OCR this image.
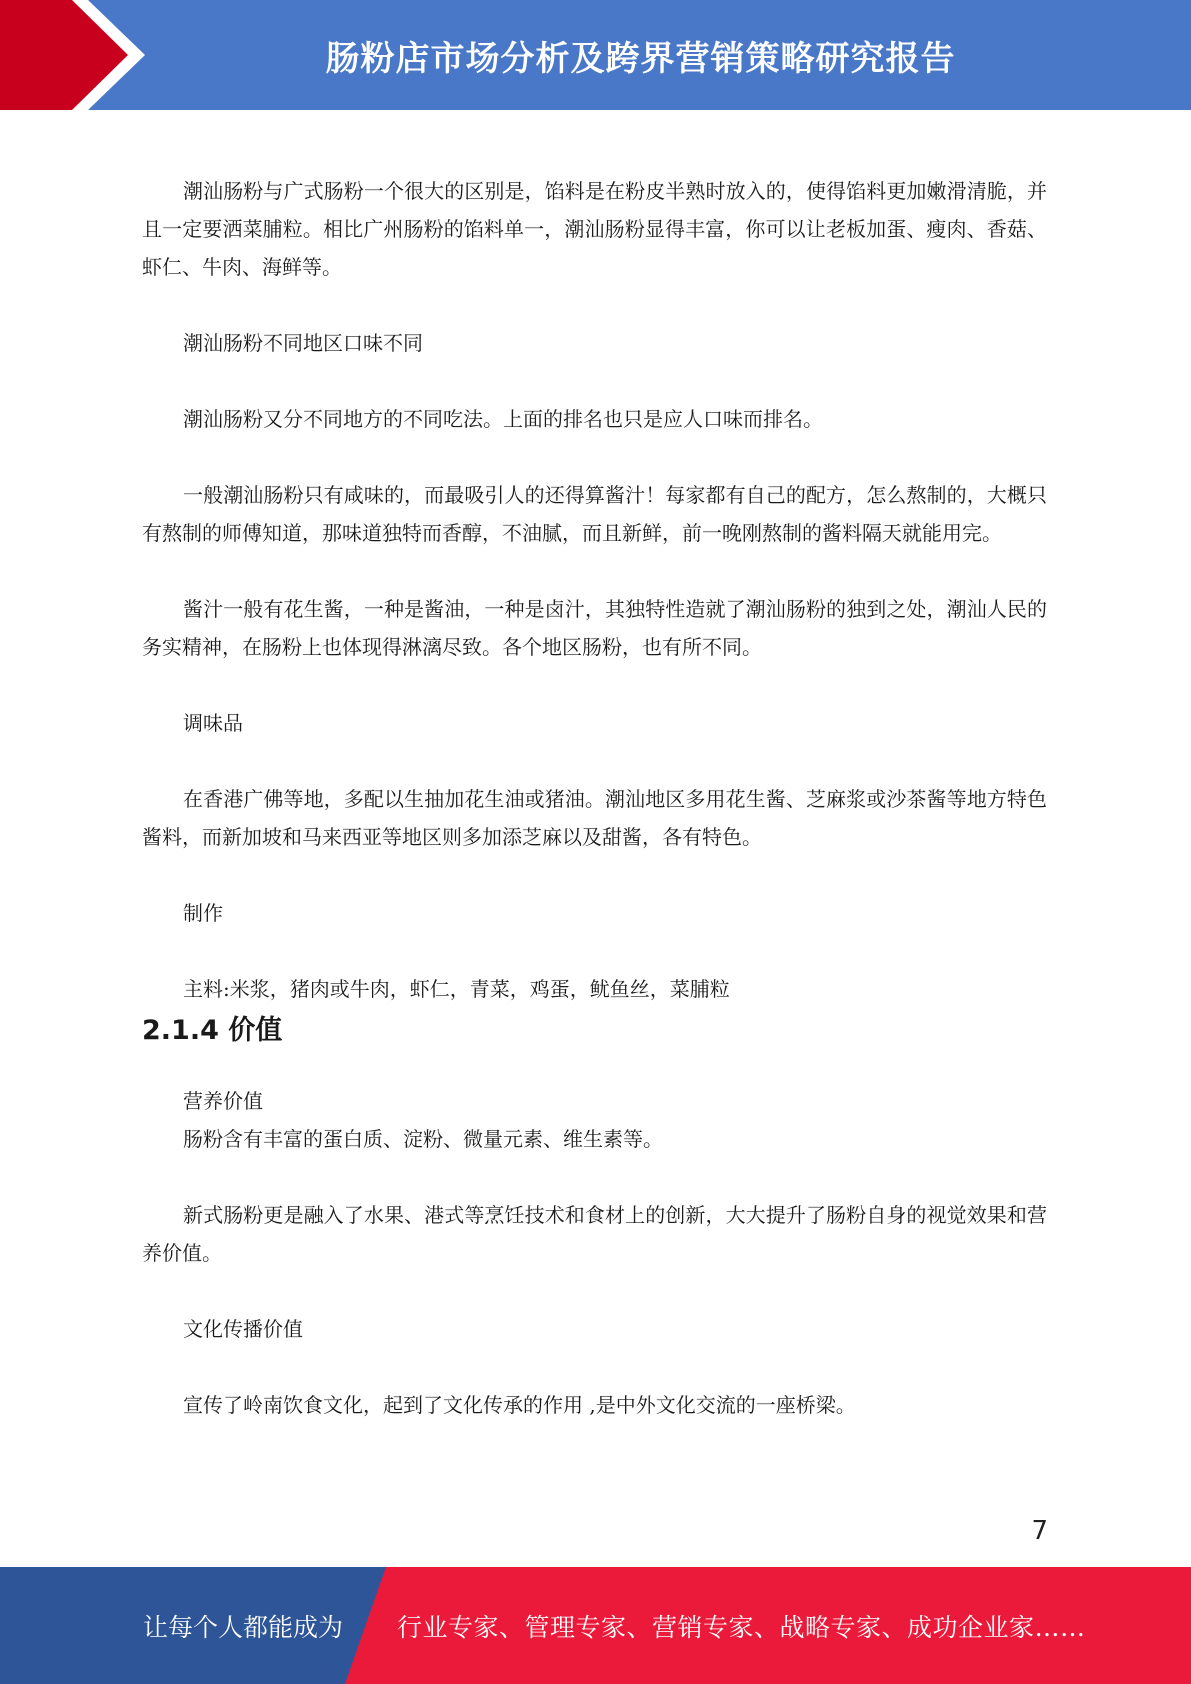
肠粉店市场分析及跨界营销策略研究报告

潮汕肠粉与广式肠粉一个很大的区别是，馅料是在粉皮半熟时放入的，使得馅料更加嫩滑清脆，并且一定要洒菜脯粒。相比广州肠粉的馅料单一，潮汕肠粉显得丰富，你可以让老板加蛋、瘦肉、香菇、虾仁、牛肉、海鲜等。

潮汕肠粉不同地区口味不同

潮汕肠粉又分不同地方的不同吃法。上面的排名也只是应人口味而排名。

一般潮汕肠粉只有咸味的，而最吸引人的还得算酱汁！每家都有自己的配方，怎么熬制的，大概只有熬制的师傅知道，那味道独特而香醇，不油腻，而且新鲜，前一晚刚熬制的酱料隔天就能用完。

酱汁一般有花生酱，一种是酱油，一种是卤汁，其独特性造就了潮汕肠粉的独到之处，潮汕人民的务实精神，在肠粉上也体现得淋漓尽致。各个地区肠粉，也有所不同。

调味品

在香港广佛等地，多配以生抽加花生油或猪油。潮汕地区多用花生酱、芝麻浆或沙茶酱等地方特色酱料，而新加坡和马来西亚等地区则多加添芝麻以及甜酱，各有特色。

制作

主料:米浆，猪肉或牛肉，虾仁，青菜，鸡蛋，鱿鱼丝，菜脯粒

2.1.4 价值

营养价值

肠粉含有丰富的蛋白质、淀粉、微量元素、维生素等。

新式肠粉更是融入了水果、港式等烹饪技术和食材上的创新，大大提升了肠粉自身的视觉效果和营养价值。

文化传播价值

宣传了岭南饮食文化，起到了文化传承的作用 ,是中外文化交流的一座桥梁。

7
让每个人都能成为 行业专家、管理专家、营销专家、战略专家、成功企业家……
